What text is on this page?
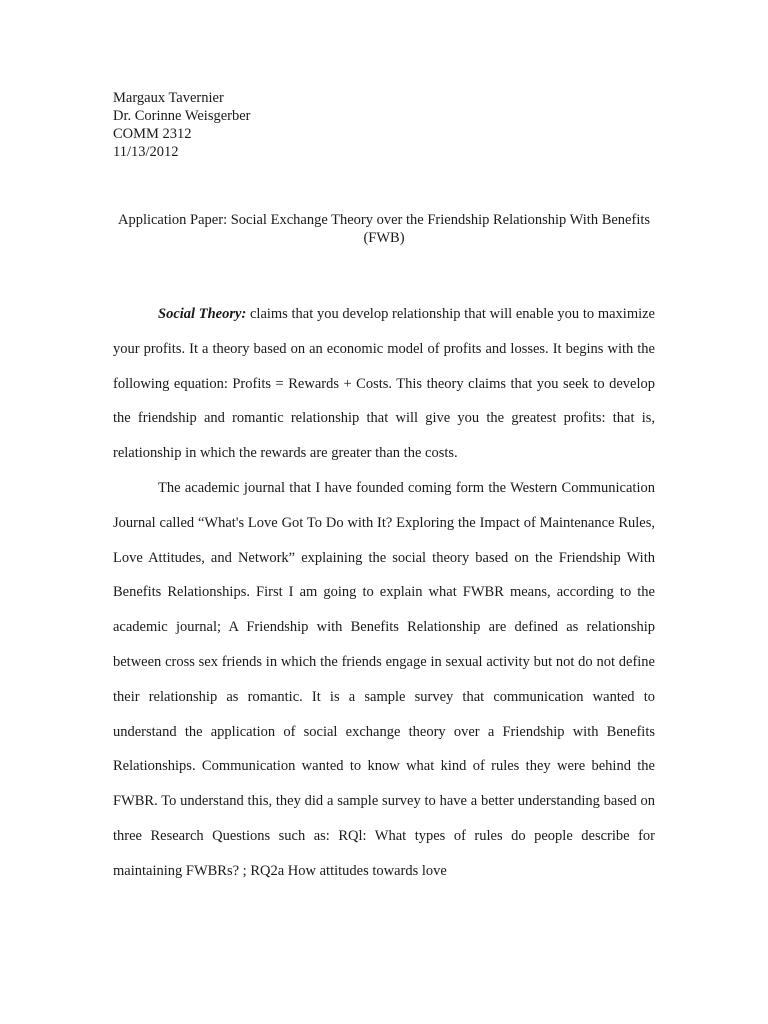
Margaux Tavernier
Dr. Corinne Weisgerber
COMM 2312
11/13/2012
Application Paper: Social Exchange Theory over the Friendship Relationship With Benefits (FWB)

Social Theory: claims that you develop relationship that will enable you to maximize your profits. It a theory based on an economic model of profits and losses. It begins with the following equation: Profits = Rewards + Costs. This theory claims that you seek to develop the friendship and romantic relationship that will give you the greatest profits: that is, relationship in which the rewards are greater than the costs.

The academic journal that I have founded coming form the Western Communication Journal called “What's Love Got To Do with It? Exploring the Impact of Maintenance Rules, Love Attitudes, and Network” explaining the social theory based on the Friendship With Benefits Relationships. First I am going to explain what FWBR means, according to the academic journal; A Friendship with Benefits Relationship are defined as relationship between cross sex friends in which the friends engage in sexual activity but not do not define their relationship as romantic. It is a sample survey that communication wanted to understand the application of social exchange theory over a Friendship with Benefits Relationships. Communication wanted to know what kind of rules they were behind the FWBR. To understand this, they did a sample survey to have a better understanding based on three Research Questions such as: RQl: What types of rules do people describe for maintaining FWBRs? ; RQ2a How attitudes towards love
